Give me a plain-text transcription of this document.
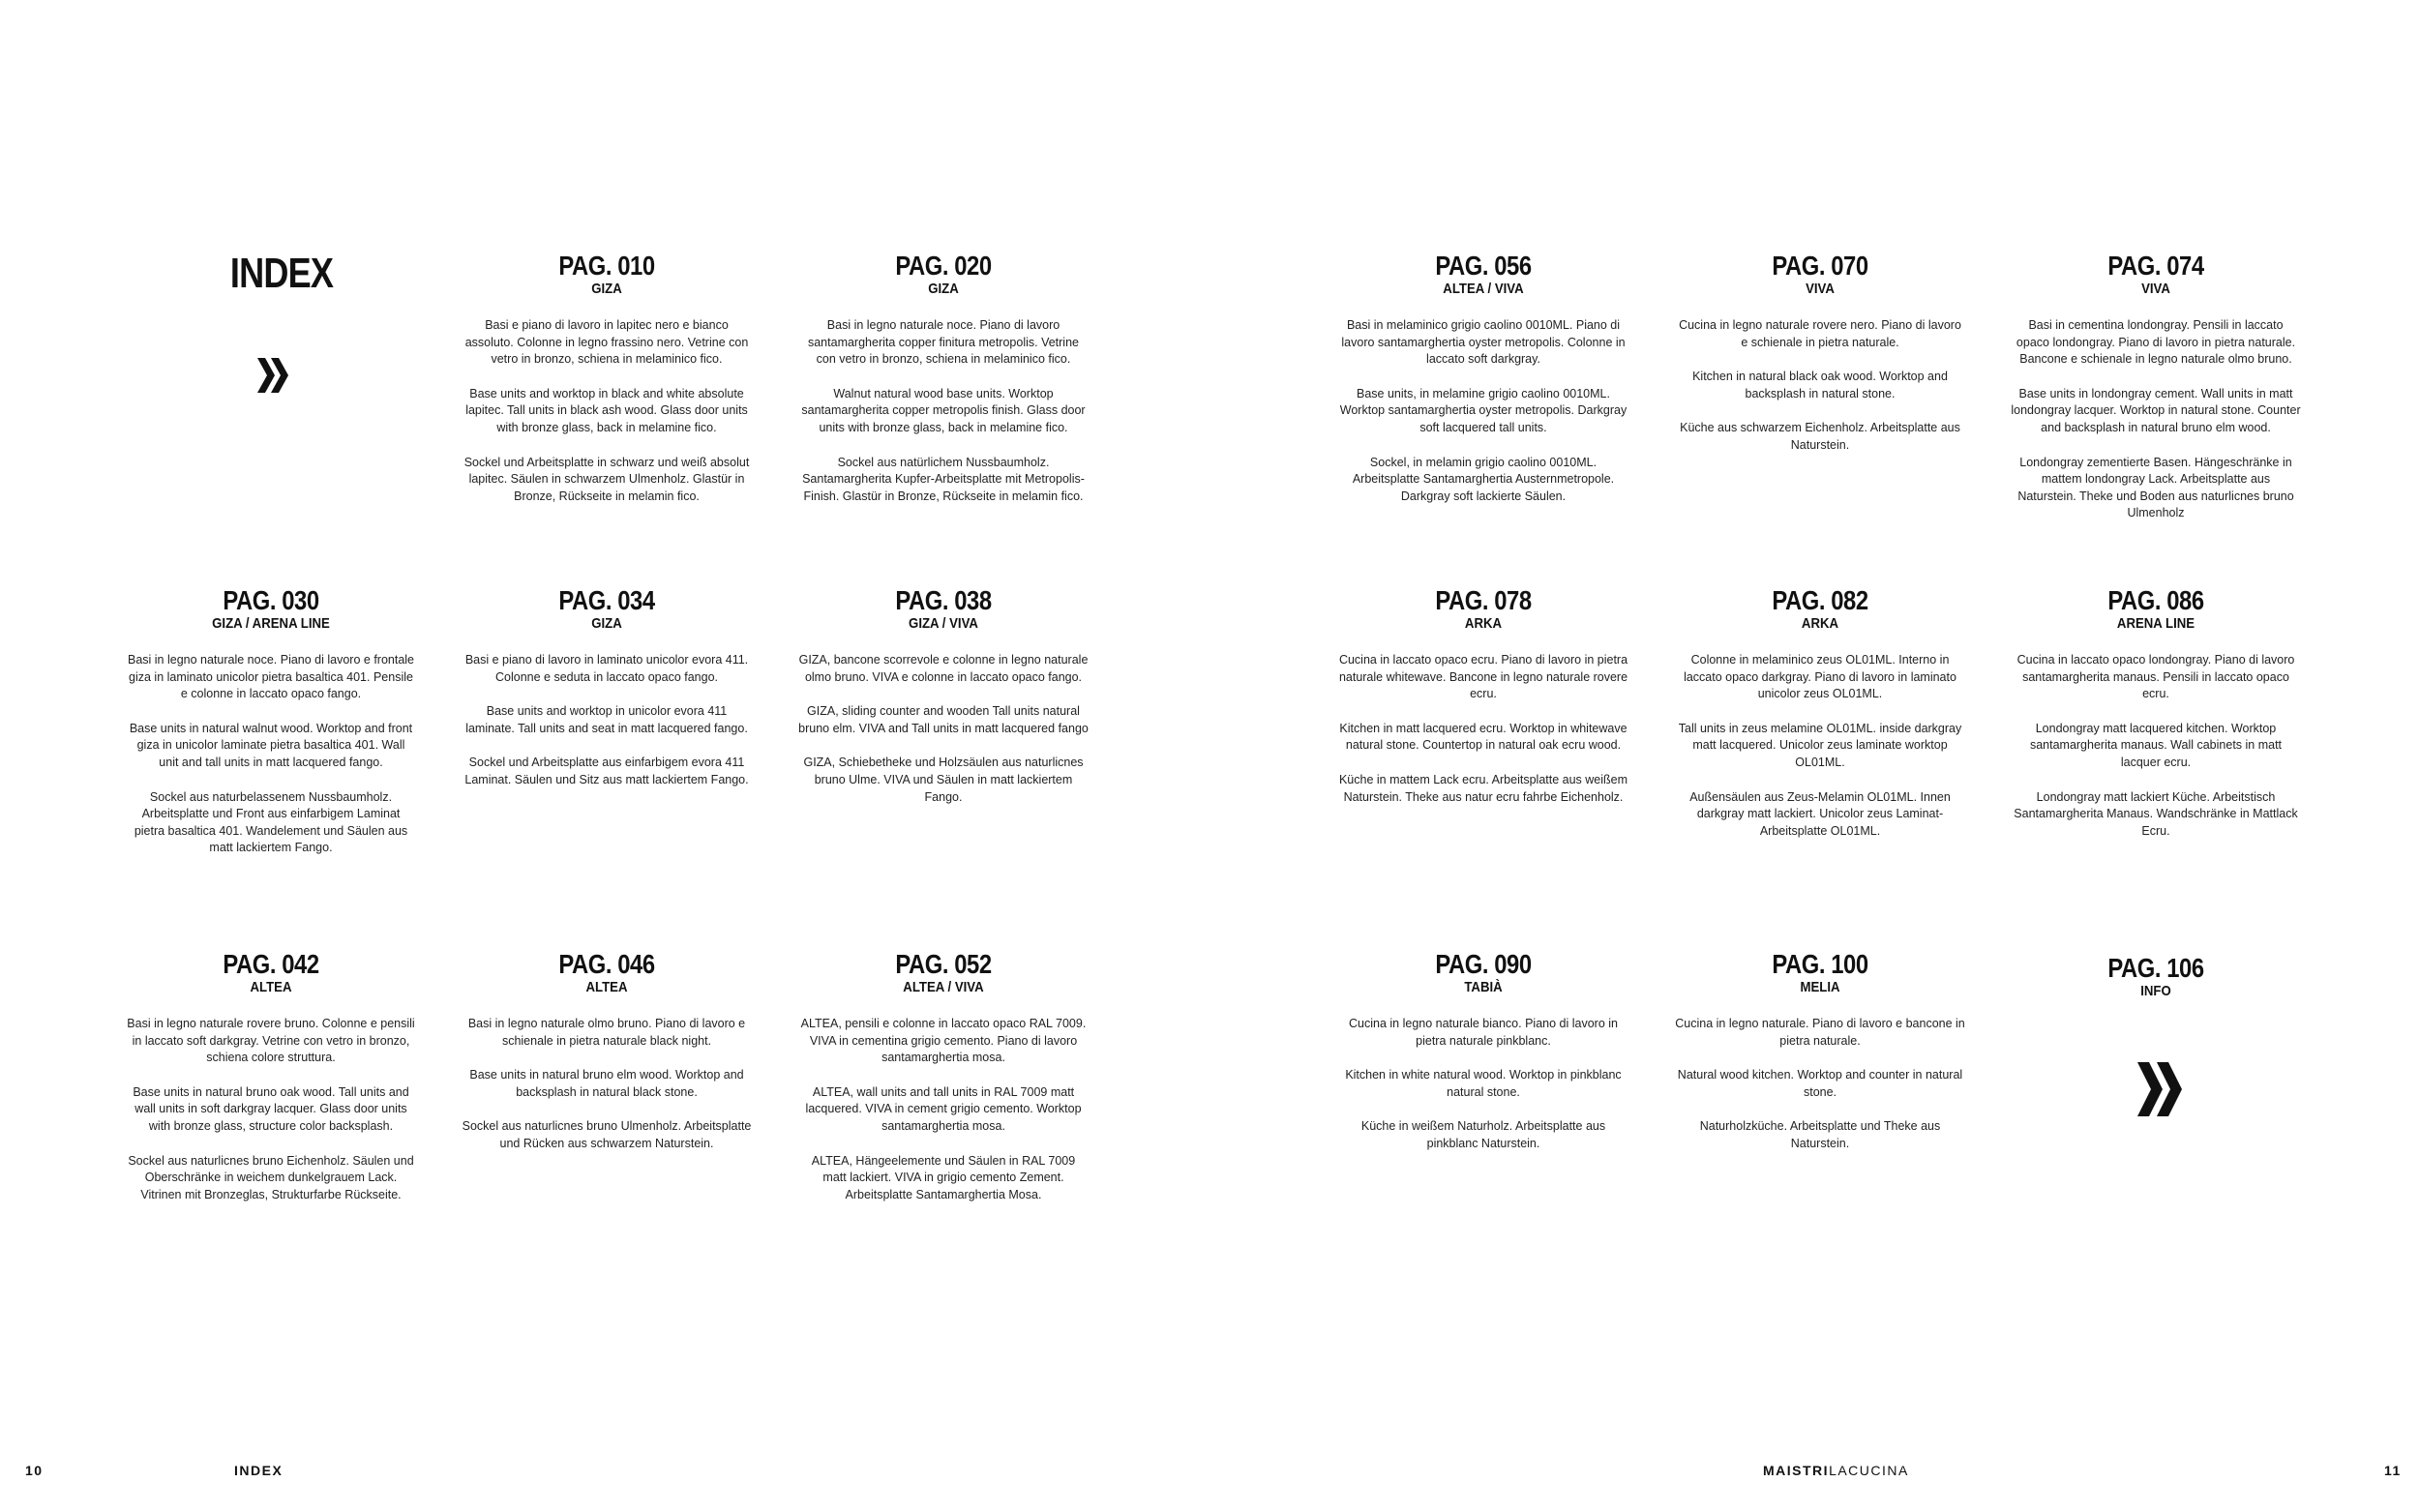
INDEX	PAG. 010
GIZA

Basi e piano di lavoro in lapitec nero e bianco assoluto. Colonne in legno frassino nero. Vetrine con vetro in bronzo, schiena in melaminico fico.

Base units and worktop in black and white absolute lapitec. Tall units in black ash wood. Glass door units with bronze glass, back in melamine fico.

Sockel und Arbeitsplatte in schwarz und weiß absolut lapitec. Säulen in schwarzem Ulmenholz. Glastür in Bronze, Rückseite in melamin fico.

PAG. 020
GIZA

Basi in legno naturale noce. Piano di lavoro santamargherita copper finitura metropolis. Vetrine con vetro in bronzo, schiena in melaminico fico.

Walnut natural wood base units. Worktop santamargherita copper metropolis finish. Glass door units with bronze glass, back in melamine fico.

Sockel aus natürlichem Nussbaumholz. Santamargherita Kupfer-Arbeitsplatte mit Metropolis-Finish. Glastür in Bronze, Rückseite in melamin fico.

PAG. 056
ALTEA / VIVA

Basi in melaminico grigio caolino 0010ML. Piano di lavoro santamarghertia oyster metropolis. Colonne in laccato soft darkgray.

Base units, in melamine grigio caolino 0010ML. Worktop santamarghertia oyster metropolis. Darkgray soft lacquered tall units.

Sockel, in melamin grigio caolino 0010ML. Arbeitsplatte Santamarghertia Austernmetropole. Darkgray soft lackierte Säulen.

PAG. 070
VIVA

Cucina in legno naturale rovere nero. Piano di lavoro e schienale in pietra naturale.

Kitchen in natural black oak wood. Worktop and backsplash in natural stone.

Küche aus schwarzem Eichenholz. Arbeitsplatte aus Naturstein.

PAG. 074
VIVA

Basi in cementina londongray. Pensili in laccato opaco londongray. Piano di lavoro in pietra naturale. Bancone e schienale in legno naturale olmo bruno.

Base units in londongray cement. Wall units in matt londongray lacquer. Worktop in natural stone. Counter and backsplash in natural bruno elm wood.

Londongray zementierte Basen. Hängeschränke in mattem londongray Lack. Arbeitsplatte aus Naturstein. Theke und Boden aus naturlicnes bruno Ulmenholz

PAG. 030
GIZA / ARENA LINE

Basi in legno naturale noce. Piano di lavoro e frontale giza in laminato unicolor pietra basaltica 401. Pensile e colonne in laccato opaco fango.

Base units in natural walnut wood. Worktop and front giza in unicolor laminate pietra basaltica 401. Wall unit and tall units in matt lacquered fango.

Sockel aus naturbelassenem Nussbaumholz. Arbeitsplatte und Front aus einfarbigem Laminat pietra basaltica 401. Wandelement und Säulen aus matt lackiertem Fango.

PAG. 034
GIZA

Basi e piano di lavoro in laminato unicolor evora 411. Colonne e seduta in laccato opaco fango.

Base units and worktop in unicolor evora 411 laminate. Tall units and seat in matt lacquered fango.

Sockel und Arbeitsplatte aus einfarbigem evora 411 Laminat. Säulen und Sitz aus matt lackiertem Fango.

PAG. 038
GIZA / VIVA

GIZA, bancone scorrevole e colonne in legno naturale olmo bruno. VIVA e colonne in laccato opaco fango.

GIZA, sliding counter and wooden Tall units natural bruno elm. VIVA and Tall units in matt lacquered fango

GIZA, Schiebetheke und Holzsäulen aus naturlicnes bruno Ulme. VIVA und Säulen in matt lackiertem Fango.

PAG. 078
ARKA

Cucina in laccato opaco ecru. Piano di lavoro in pietra naturale whitewave. Bancone in legno naturale rovere ecru.

Kitchen in matt lacquered ecru. Worktop in whitewave natural stone. Countertop in natural oak ecru wood.

Küche in mattem Lack ecru. Arbeitsplatte aus weißem Naturstein. Theke aus natur ecru fahrbe Eichenholz.

PAG. 082
ARKA

Colonne in melaminico zeus OL01ML. Interno in laccato opaco darkgray. Piano di lavoro in laminato unicolor zeus OL01ML.

Tall units in zeus melamine OL01ML. inside darkgray matt lacquered. Unicolor zeus laminate worktop OL01ML.

Außensäulen aus Zeus-Melamin OL01ML. Innen darkgray matt lackiert. Unicolor zeus Laminat-Arbeitsplatte OL01ML.

PAG. 086
ARENA LINE

Cucina in laccato opaco londongray. Piano di lavoro santamargherita manaus. Pensili in laccato opaco ecru.

Londongray matt lacquered kitchen. Worktop santamargherita manaus. Wall cabinets in matt lacquer ecru.

Londongray matt lackiert Küche. Arbeitstisch Santamargherita Manaus. Wandschränke in Mattlack Ecru.

PAG. 042
ALTEA

Basi in legno naturale rovere bruno. Colonne e pensili in laccato soft darkgray. Vetrine con vetro in bronzo, schiena colore struttura.

Base units in natural bruno oak wood. Tall units and wall units in soft darkgray lacquer. Glass door units with bronze glass, structure color backsplash.

Sockel aus naturlicnes bruno Eichenholz. Säulen und Oberschränke in weichem dunkelgrauem Lack. Vitrinen mit Bronzeglas, Strukturfarbe Rückseite.

PAG. 046
ALTEA

Basi in legno naturale olmo bruno. Piano di lavoro e schienale in pietra naturale black night.

Base units in natural bruno elm wood. Worktop and backsplash in natural black stone.

Sockel aus naturlicnes bruno Ulmenholz. Arbeitsplatte und Rücken aus schwarzem Naturstein.

PAG. 052
ALTEA / VIVA

ALTEA, pensili e colonne in laccato opaco RAL 7009. VIVA in cementina grigio cemento. Piano di lavoro santamarghertia mosa.

ALTEA, wall units and tall units in RAL 7009 matt lacquered. VIVA in cement grigio cemento. Worktop santamarghertia mosa.

ALTEA, Hängeelemente und Säulen in RAL 7009 matt lackiert. VIVA in grigio cemento Zement. Arbeitsplatte Santamarghertia Mosa.

PAG. 090
TABIÀ

Cucina in legno naturale bianco. Piano di lavoro in pietra naturale pinkblanc.

Kitchen in white natural wood. Worktop in pinkblanc natural stone.

Küche in weißem Naturholz. Arbeitsplatte aus pinkblanc Naturstein.

PAG. 100
MELIA

Cucina in legno naturale. Piano di lavoro e bancone in pietra naturale.

Natural wood kitchen. Worktop and counter in natural stone.

Naturholzküche. Arbeitsplatte und Theke aus Naturstein.

PAG. 106
INFO
10	INDEX	MAISTRILACUCINA	11
